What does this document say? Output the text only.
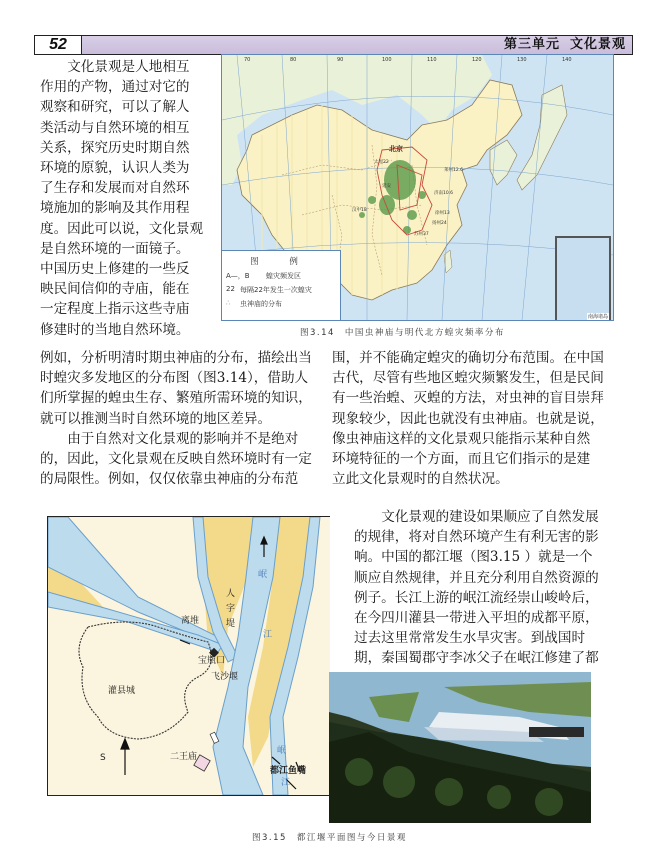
52	第三单元 文化景观

文化景观是人地相互

作用的产物，通过对它的

观察和研究，可以了解人

类活动与自然环境的相互

关系，探究历史时期自然

环境的原貌，认识人类为

了生存和发展而对自然环

境施加的影响及其作用程

度。因此可以说，文化景观

是自然环境的一面镜子。

中国历史上修建的一些反

映民间信仰的寺庙，能在

一定程度上指示这些寺庙

修建时的当地自然环境。

70	80	90	100	110	120	130	140
北京
太原22
莱州12.6
延安
汉中18
济南10.6
徐州13
扬州24
苏州37
图 例
A—，B	蝗灾频发区
22 每隔22年发生一次蝗灾
∴	虫神庙的分布
南海诸岛
图3.14　中国虫神庙与明代北方蝗灾频率分布

例如，分析明清时期虫神庙的分布，描绘出当

时蝗灾多发地区的分布图（图3.14），借助人

们所掌握的蝗虫生存、繁殖所需环境的知识，

就可以推测当时自然环境的地区差异。

由于自然对文化景观的影响并不是绝对

的，因此，文化景观在反映自然环境时有一定

的局限性。例如，仅仅依靠虫神庙的分布范

围，并不能确定蝗灾的确切分布范围。在中国

古代，尽管有些地区蝗灾频繁发生，但是民间

有一些治蝗、灭蝗的方法，对虫神的盲目崇拜

现象较少，因此也就没有虫神庙。也就是说，

像虫神庙这样的文化景观只能指示某种自然

环境特征的一个方面，而且它们指示的是建

立此文化景观时的自然状况。

文化景观的建设如果顺应了自然发展

的规律，将对自然环境产生有利无害的影

响。中国的都江堰（图3.15 ）就是一个

顺应自然规律，并且充分利用自然资源的

例子。长江上游的岷江流经崇山峻岭后，

在今四川灌县一带进入平坦的成都平原，

过去这里常常发生水旱灾害。到战国时

期，秦国蜀郡守李冰父子在岷江修建了都

离堆
人字堤
岷
江
宝瓶口
飞沙堰
灌县城
岷
二王庙
都江鱼嘴
江
S
图3.15　都江堰平面图与今日景观
